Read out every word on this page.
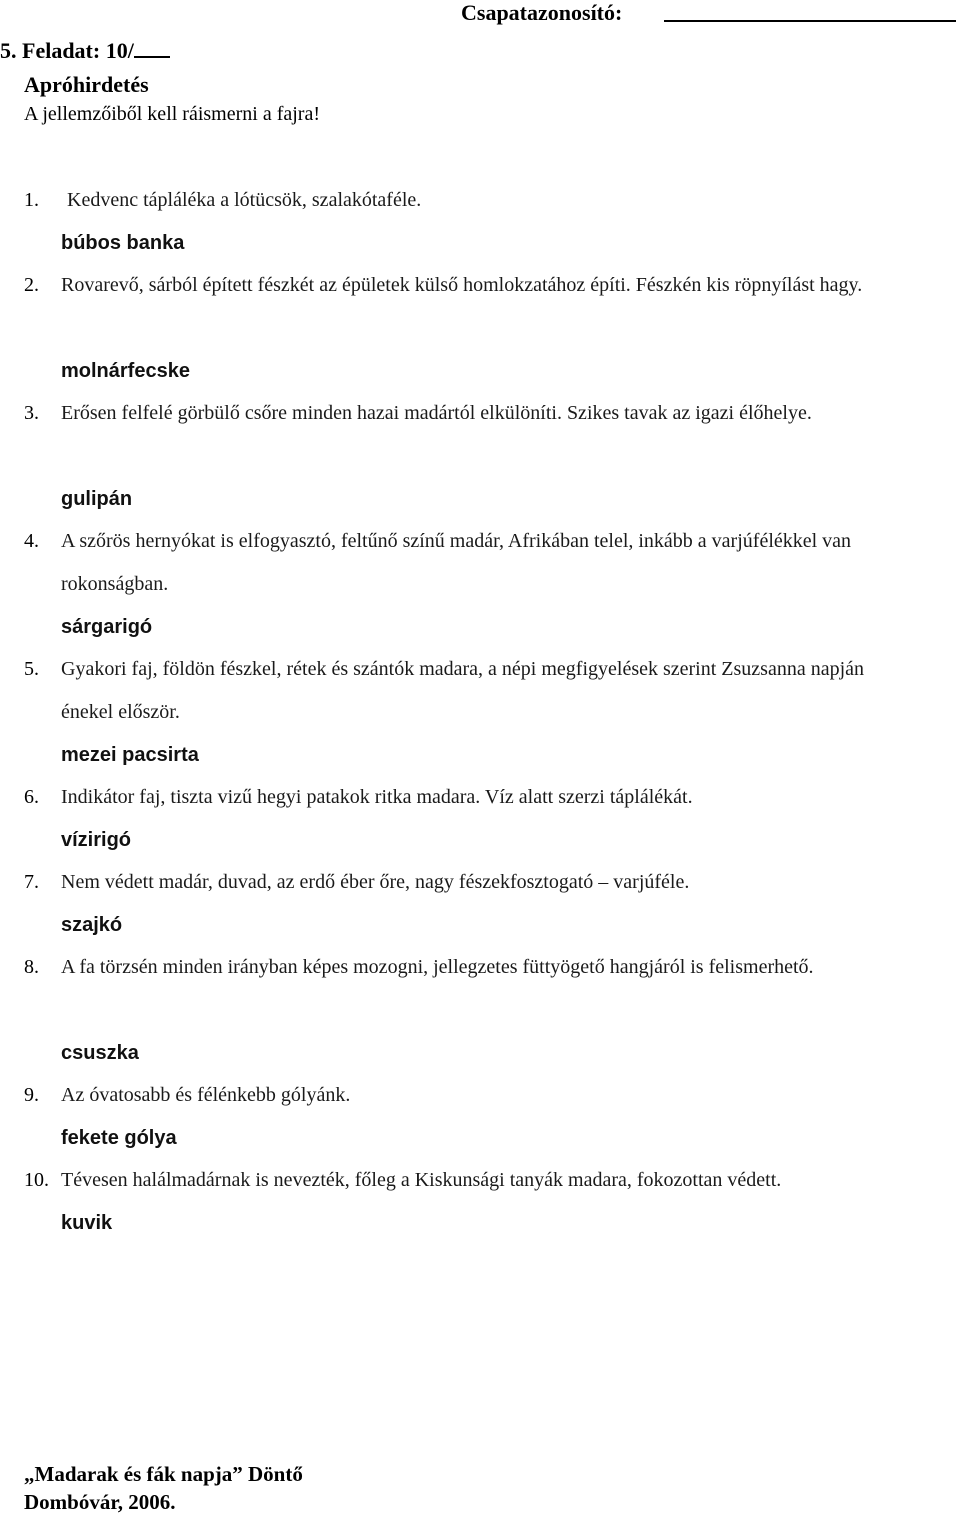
Csapatazonosító:
5. Feladat: 10/
Apróhirdetés
A jellemzőiből kell ráismerni a fajra!
1. Kedvenc tápláléka a lótücsök, szalakótaféle.
búbos banka
2. Rovarevő, sárból épített fészkét az épületek külső homlokzatához építi. Fészkén kis röpnyílást hagy.
molnárfecske
3. Erősen felfelé görbülő csőre minden hazai madártól elkülöníti. Szikes tavak az igazi élőhelye.
gulipán
4. A szőrös hernyókat is elfogyasztó, feltűnő színű madár, Afrikában telel, inkább a varjúfélékkel van rokonságban.
sárgarigó
5. Gyakori faj, földön fészkel, rétek és szántók madara, a népi megfigyelések szerint Zsuzsanna napján énekel először.
mezei pacsirta
6. Indikátor faj, tiszta vizű hegyi patakok ritka madara. Víz alatt szerzi táplálékát.
vízirigó
7. Nem védett madár, duvad, az erdő éber őre, nagy fészekfosztogató – varjúféle.
szajkó
8. A fa törzsén minden irányban képes mozogni, jellegzetes füttyögető hangjáról is felismerhető.
csuszka
9. Az óvatosabb és félénkebb gólyánk.
fekete gólya
10. Tévesen halálmadárnak is nevezték, főleg a Kiskunsági tanyák madara, fokozottan védett.
kuvik
„Madarak és fák napja” Döntő
Dombóvár, 2006.
